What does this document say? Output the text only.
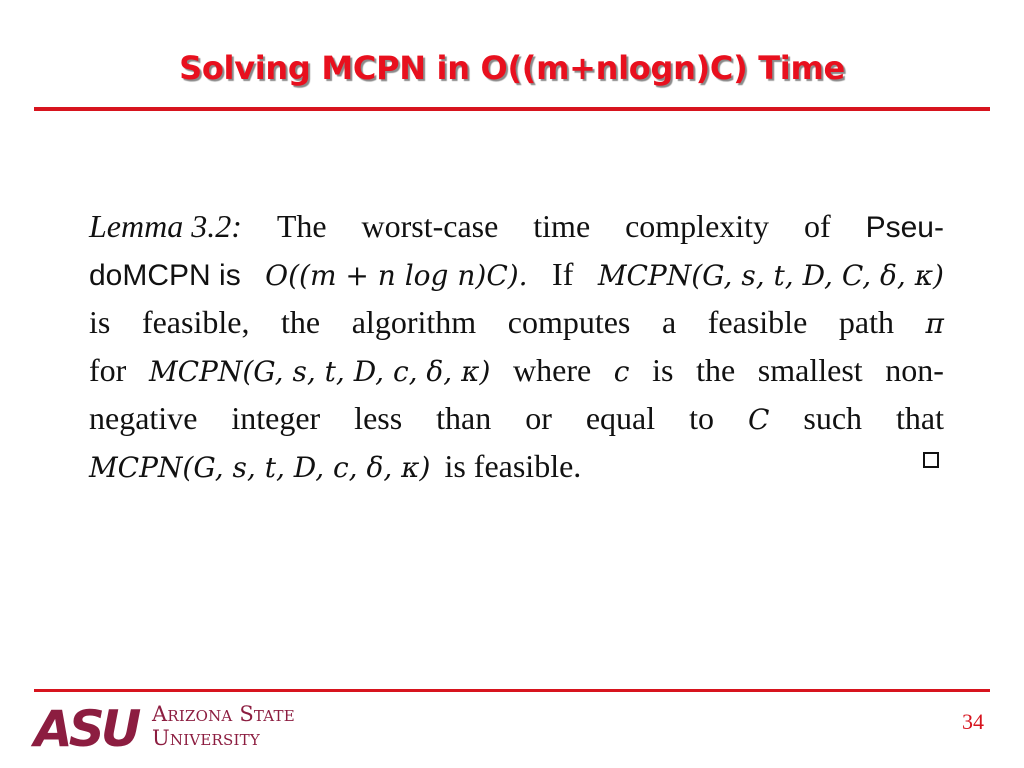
Solving MCPN in O((m+nlogn)C) Time
Lemma 3.2: The worst-case time complexity of Pseu-
doMCPN is O((m + n log n)C). If MCPN(G, s, t, D, C, δ, κ)
is feasible, the algorithm computes a feasible path π
for MCPN(G, s, t, D, c, δ, κ) where c is the smallest non-
negative integer less than or equal to C such that
MCPN(G, s, t, D, c, δ, κ) is feasible.
ASU Arizona State
University
34
